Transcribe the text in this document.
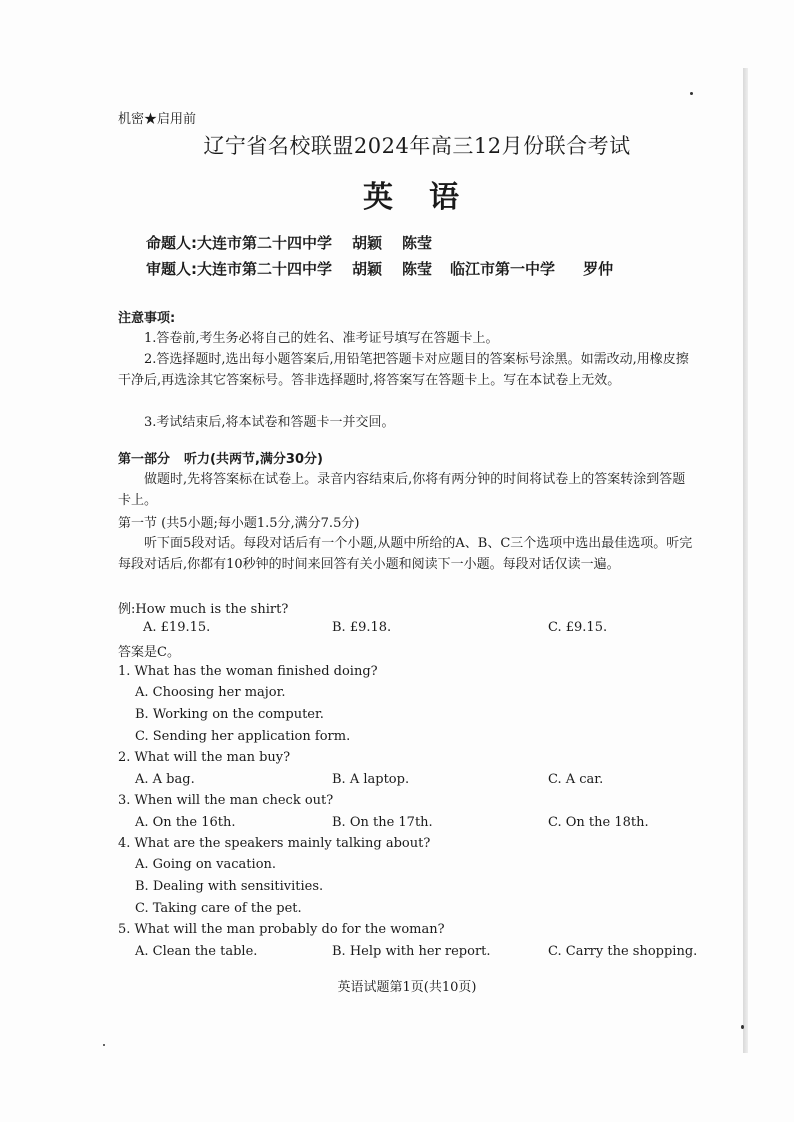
机密★启用前
辽宁省名校联盟2024年高三12月份联合考试
英 语
命题人:大连市第二十四中学 胡颖 陈莹
审题人:大连市第二十四中学 胡颖 陈莹 临江市第一中学 罗仲
注意事项:
1.答卷前,考生务必将自己的姓名、准考证号填写在答题卡上。
2.答选择题时,选出每小题答案后,用铅笔把答题卡对应题目的答案标号涂黑。如需改动,用橡皮擦干净后,再选涂其它答案标号。答非选择题时,将答案写在答题卡上。写在本试卷上无效。
3.考试结束后,将本试卷和答题卡一并交回。
第一部分 听力(共两节,满分30分)
做题时,先将答案标在试卷上。录音内容结束后,你将有两分钟的时间将试卷上的答案转涂到答题卡上。
第一节 (共5小题;每小题1.5分,满分7.5分)
听下面5段对话。每段对话后有一个小题,从题中所给的A、B、C三个选项中选出最佳选项。听完每段对话后,你都有10秒钟的时间来回答有关小题和阅读下一小题。每段对话仅读一遍。
例:How much is the shirt?
A. £19.15.	B. £9.18.	C. £9.15.
答案是C。
1. What has the woman finished doing?
A. Choosing her major.
B. Working on the computer.
C. Sending her application form.
2. What will the man buy?
A. A bag.	B. A laptop.	C. A car.
3. When will the man check out?
A. On the 16th.	B. On the 17th.	C. On the 18th.
4. What are the speakers mainly talking about?
A. Going on vacation.
B. Dealing with sensitivities.
C. Taking care of the pet.
5. What will the man probably do for the woman?
A. Clean the table.	B. Help with her report.	C. Carry the shopping.
英语试题第1页(共10页)
